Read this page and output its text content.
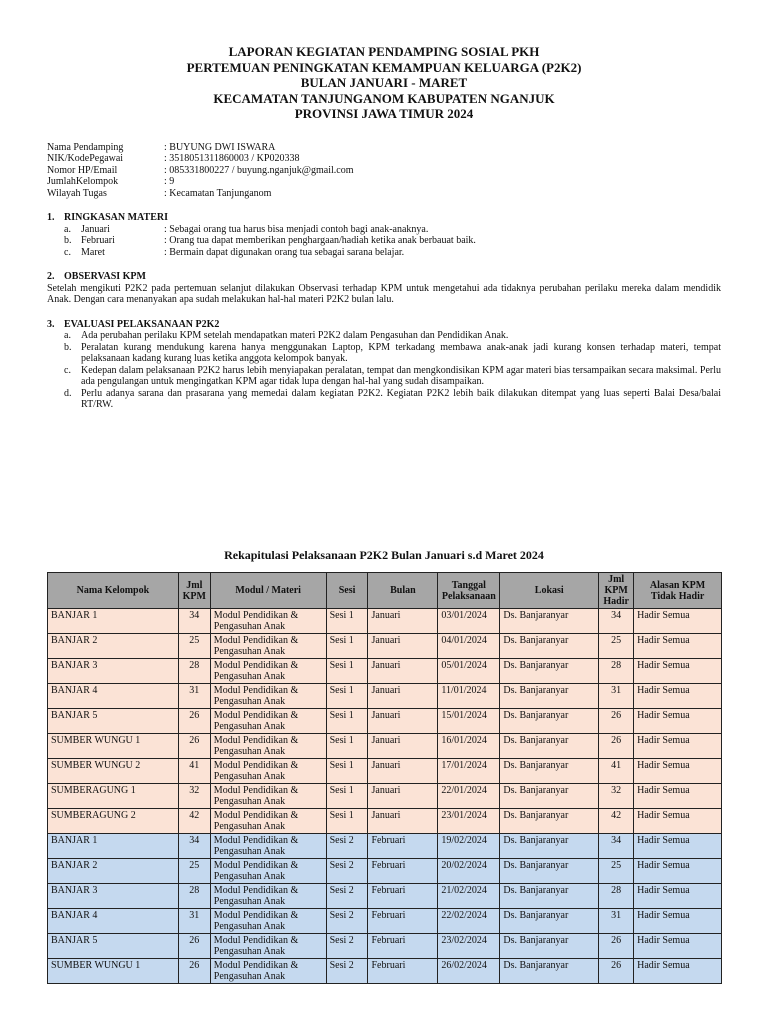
LAPORAN KEGIATAN PENDAMPING SOSIAL PKH
PERTEMUAN PENINGKATAN KEMAMPUAN KELUARGA (P2K2)
BULAN JANUARI - MARET
KECAMATAN TANJUNGANOM KABUPATEN NGANJUK
PROVINSI JAWA TIMUR 2024
Nama Pendamping	: BUYUNG DWI ISWARA
NIK/KodePegawai	: 3518051311860003 / KP020338
Nomor HP/Email	: 085331800227 / buyung.nganjuk@gmail.com
JumlahKelompok	: 9
Wilayah Tugas	: Kecamatan Tanjunganom
1. RINGKASAN MATERI
a.	Januari	: Sebagai orang tua harus bisa menjadi contoh bagi anak-anaknya.
b. Februari	: Orang tua dapat memberikan penghargaan/hadiah ketika anak berbauat baik.
c.	Maret	: Bermain dapat digunakan orang tua sebagai sarana belajar.
2. OBSERVASI KPM
Setelah mengikuti P2K2 pada pertemuan selanjut dilakukan Observasi terhadap KPM untuk mengetahui ada tidaknya perubahan perilaku mereka dalam mendidik Anak. Dengan cara menanyakan apa sudah melakukan hal-hal materi P2K2 bulan lalu.
3. EVALUASI PELAKSANAAN P2K2
a.	Ada perubahan perilaku KPM setelah mendapatkan materi P2K2 dalam Pengasuhan dan Pendidikan Anak.
b. Peralatan kurang mendukung karena hanya menggunakan Laptop, KPM terkadang membawa anak-anak jadi kurang konsen terhadap materi, tempat pelaksanaan kadang kurang luas ketika anggota kelompok banyak.
c.	Kedepan dalam pelaksanaan P2K2 harus lebih menyiapakan peralatan, tempat dan mengkondisikan KPM agar materi bias tersampaikan secara maksimal. Perlu ada pengulangan untuk mengingatkan KPM agar tidak lupa dengan hal-hal yang sudah disampaikan.
d. Perlu adanya sarana dan prasarana yang memedai dalam kegiatan P2K2. Kegiatan P2K2 lebih baik dilakukan ditempat yang luas seperti Balai Desa/balai RT/RW.
Rekapitulasi Pelaksanaan P2K2 Bulan Januari s.d Maret 2024
Nama Kelompok	Jml KPM	Modul / Materi	Sesi	Bulan	Tanggal Pelaksanaan	Lokasi	Jml KPM Hadir	Alasan KPM Tidak Hadir
BANJAR 1	34	Modul Pendidikan & Pengasuhan Anak	Sesi 1	Januari	03/01/2024	Ds. Banjaranyar	34	Hadir Semua
BANJAR 2	25	Modul Pendidikan & Pengasuhan Anak	Sesi 1	Januari	04/01/2024	Ds. Banjaranyar	25	Hadir Semua
BANJAR 3	28	Modul Pendidikan & Pengasuhan Anak	Sesi 1	Januari	05/01/2024	Ds. Banjaranyar	28	Hadir Semua
BANJAR 4	31	Modul Pendidikan & Pengasuhan Anak	Sesi 1	Januari	11/01/2024	Ds. Banjaranyar	31	Hadir Semua
BANJAR 5	26	Modul Pendidikan & Pengasuhan Anak	Sesi 1	Januari	15/01/2024	Ds. Banjaranyar	26	Hadir Semua
SUMBER WUNGU 1	26	Modul Pendidikan & Pengasuhan Anak	Sesi 1	Januari	16/01/2024	Ds. Banjaranyar	26	Hadir Semua
SUMBER WUNGU 2	41	Modul Pendidikan & Pengasuhan Anak	Sesi 1	Januari	17/01/2024	Ds. Banjaranyar	41	Hadir Semua
SUMBERAGUNG 1	32	Modul Pendidikan & Pengasuhan Anak	Sesi 1	Januari	22/01/2024	Ds. Banjaranyar	32	Hadir Semua
SUMBERAGUNG 2	42	Modul Pendidikan & Pengasuhan Anak	Sesi 1	Januari	23/01/2024	Ds. Banjaranyar	42	Hadir Semua
BANJAR 1	34	Modul Pendidikan & Pengasuhan Anak	Sesi 2	Februari	19/02/2024	Ds. Banjaranyar	34	Hadir Semua
BANJAR 2	25	Modul Pendidikan & Pengasuhan Anak	Sesi 2	Februari	20/02/2024	Ds. Banjaranyar	25	Hadir Semua
BANJAR 3	28	Modul Pendidikan & Pengasuhan Anak	Sesi 2	Februari	21/02/2024	Ds. Banjaranyar	28	Hadir Semua
BANJAR 4	31	Modul Pendidikan & Pengasuhan Anak	Sesi 2	Februari	22/02/2024	Ds. Banjaranyar	31	Hadir Semua
BANJAR 5	26	Modul Pendidikan & Pengasuhan Anak	Sesi 2	Februari	23/02/2024	Ds. Banjaranyar	26	Hadir Semua
SUMBER WUNGU 1	26	Modul Pendidikan & Pengasuhan Anak	Sesi 2	Februari	26/02/2024	Ds. Banjaranyar	26	Hadir Semua
